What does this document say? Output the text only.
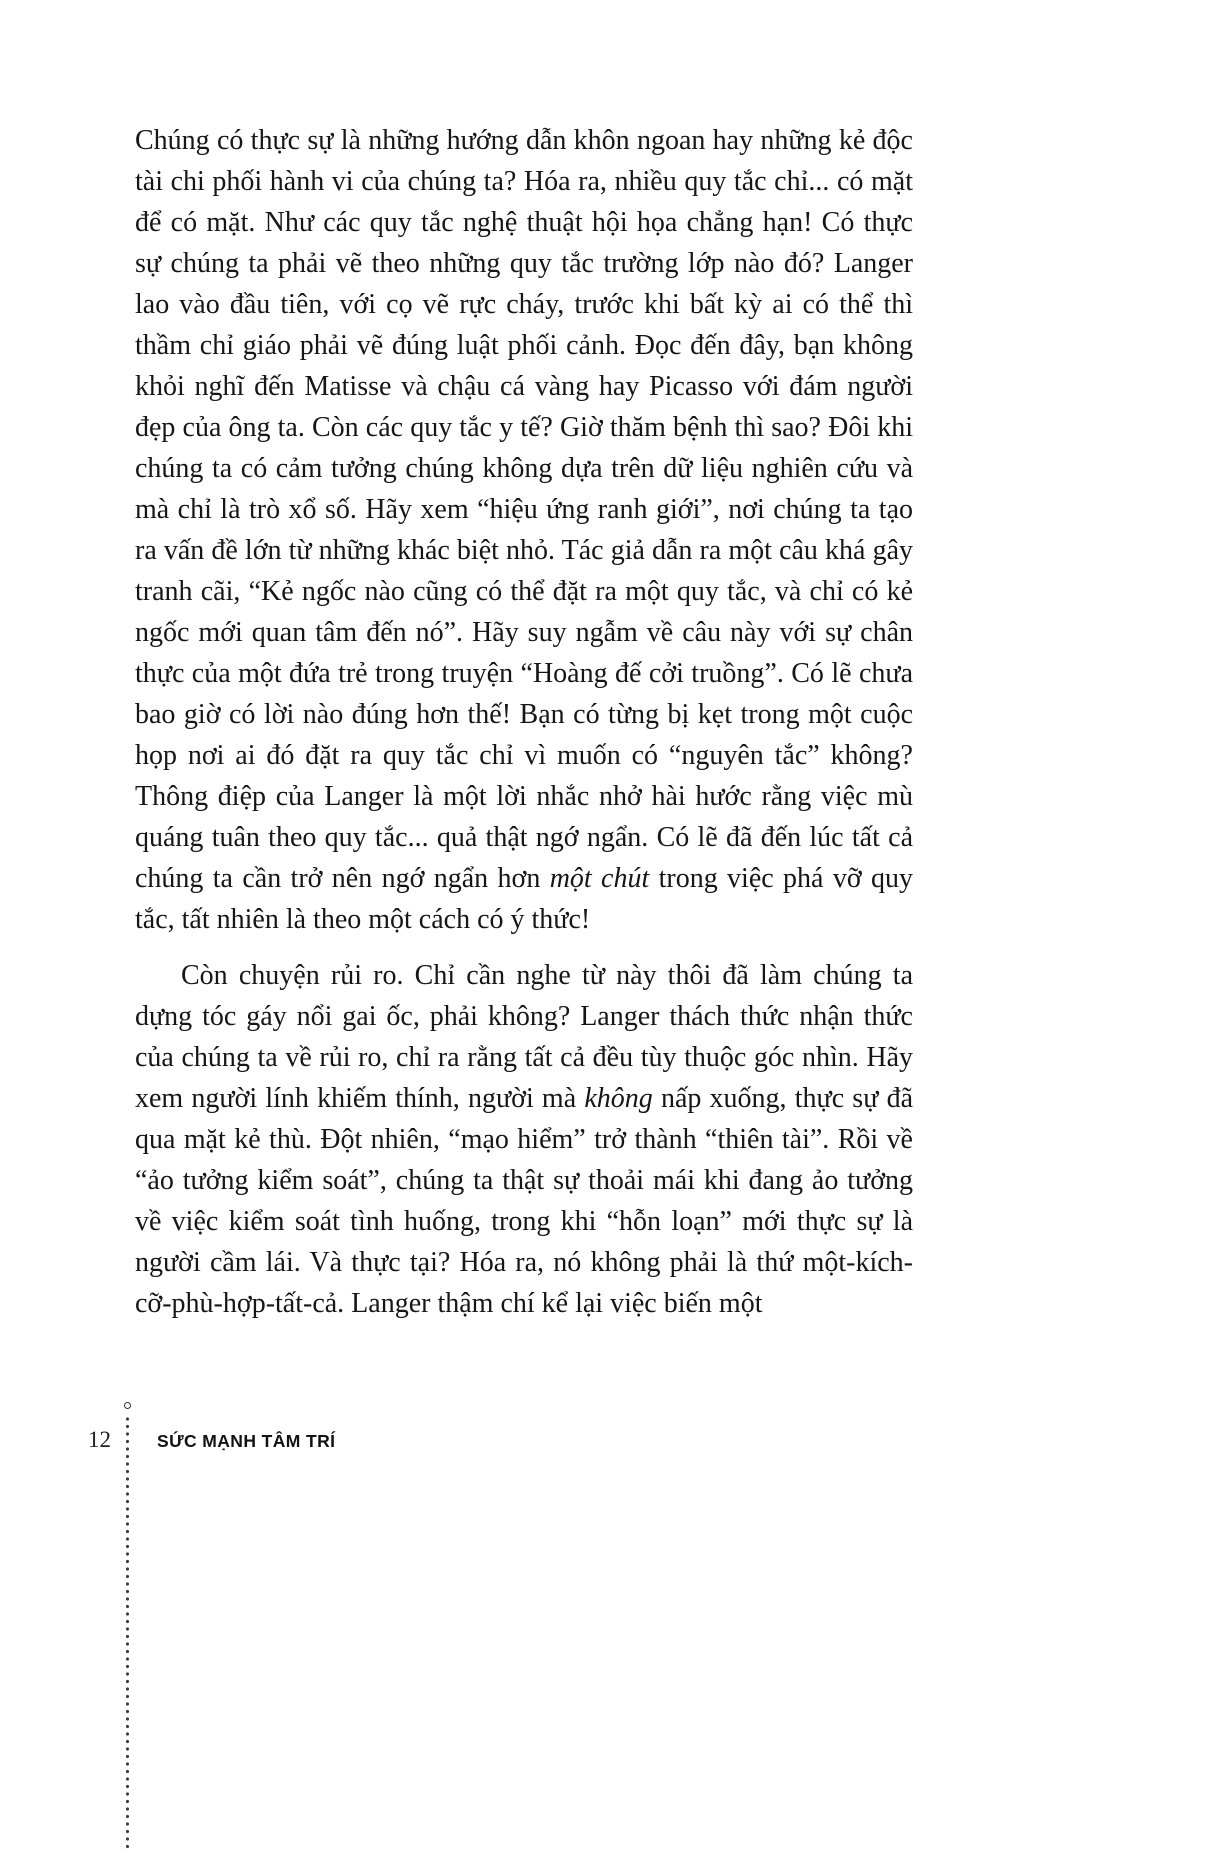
Chúng có thực sự là những hướng dẫn khôn ngoan hay những kẻ độc tài chi phối hành vi của chúng ta? Hóa ra, nhiều quy tắc chỉ... có mặt để có mặt. Như các quy tắc nghệ thuật hội họa chẳng hạn! Có thực sự chúng ta phải vẽ theo những quy tắc trường lớp nào đó? Langer lao vào đầu tiên, với cọ vẽ rực cháy, trước khi bất kỳ ai có thể thì thầm chỉ giáo phải vẽ đúng luật phối cảnh. Đọc đến đây, bạn không khỏi nghĩ đến Matisse và chậu cá vàng hay Picasso với đám người đẹp của ông ta. Còn các quy tắc y tế? Giờ thăm bệnh thì sao? Đôi khi chúng ta có cảm tưởng chúng không dựa trên dữ liệu nghiên cứu và mà chỉ là trò xổ số. Hãy xem “hiệu ứng ranh giới”, nơi chúng ta tạo ra vấn đề lớn từ những khác biệt nhỏ. Tác giả dẫn ra một câu khá gây tranh cãi, “Kẻ ngốc nào cũng có thể đặt ra một quy tắc, và chỉ có kẻ ngốc mới quan tâm đến nó”. Hãy suy ngẫm về câu này với sự chân thực của một đứa trẻ trong truyện “Hoàng đế cởi truồng”. Có lẽ chưa bao giờ có lời nào đúng hơn thế! Bạn có từng bị kẹt trong một cuộc họp nơi ai đó đặt ra quy tắc chỉ vì muốn có “nguyên tắc” không? Thông điệp của Langer là một lời nhắc nhở hài hước rằng việc mù quáng tuân theo quy tắc... quả thật ngớ ngẩn. Có lẽ đã đến lúc tất cả chúng ta cần trở nên ngớ ngẩn hơn một chút trong việc phá vỡ quy tắc, tất nhiên là theo một cách có ý thức!

Còn chuyện rủi ro. Chỉ cần nghe từ này thôi đã làm chúng ta dựng tóc gáy nổi gai ốc, phải không? Langer thách thức nhận thức của chúng ta về rủi ro, chỉ ra rằng tất cả đều tùy thuộc góc nhìn. Hãy xem người lính khiếm thính, người mà không nấp xuống, thực sự đã qua mặt kẻ thù. Đột nhiên, “mạo hiểm” trở thành “thiên tài”. Rồi về “ảo tưởng kiểm soát”, chúng ta thật sự thoải mái khi đang ảo tưởng về việc kiểm soát tình huống, trong khi “hỗn loạn” mới thực sự là người cầm lái. Và thực tại? Hóa ra, nó không phải là thứ một-kích-cỡ-phù-hợp-tất-cả. Langer thậm chí kể lại việc biến một

12	SỨC MẠNH TÂM TRÍ
